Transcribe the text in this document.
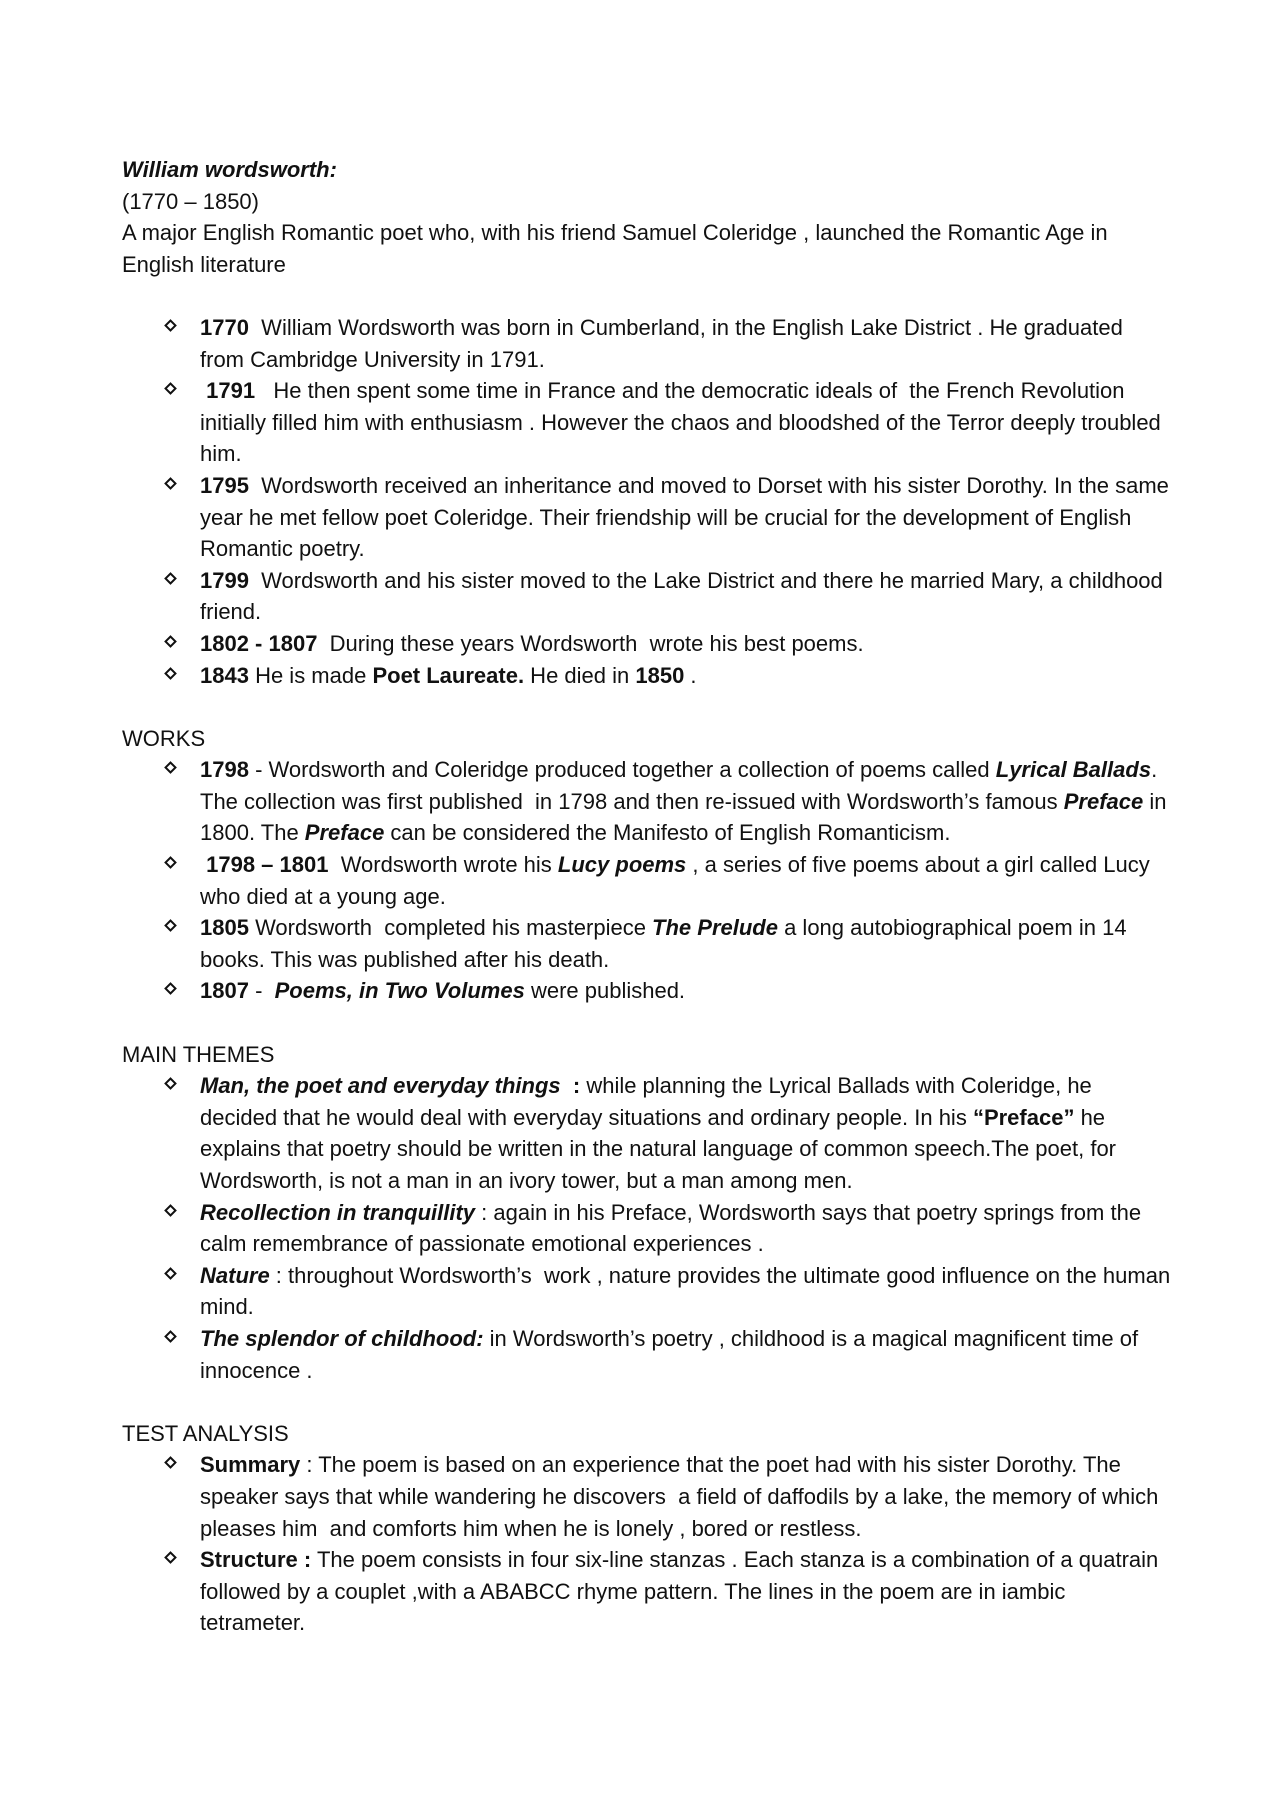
William wordsworth:

(1770 – 1850)

A major English Romantic poet who, with his friend Samuel Coleridge , launched the Romantic Age in English literature

1770  William Wordsworth was born in Cumberland, in the English Lake District . He graduated from Cambridge University in 1791.
1791   He then spent some time in France and the democratic ideals of  the French Revolution initially filled him with enthusiasm . However the chaos and bloodshed of the Terror deeply troubled him.
1795  Wordsworth received an inheritance and moved to Dorset with his sister Dorothy. In the same year he met fellow poet Coleridge. Their friendship will be crucial for the development of English Romantic poetry.
1799  Wordsworth and his sister moved to the Lake District and there he married Mary, a childhood friend.
1802 - 1807  During these years Wordsworth  wrote his best poems.
1843 He is made Poet Laureate. He died in 1850 .

WORKS

1798 - Wordsworth and Coleridge produced together a collection of poems called Lyrical Ballads. The collection was first published  in 1798 and then re-issued with Wordsworth’s famous Preface in 1800. The Preface can be considered the Manifesto of English Romanticism.
1798 – 1801  Wordsworth wrote his Lucy poems , a series of five poems about a girl called Lucy who died at a young age.
1805 Wordsworth  completed his masterpiece The Prelude a long autobiographical poem in 14 books. This was published after his death.
1807 -  Poems, in Two Volumes were published.

MAIN THEMES

Man, the poet and everyday things  : while planning the Lyrical Ballads with Coleridge, he decided that he would deal with everyday situations and ordinary people. In his “Preface” he explains that poetry should be written in the natural language of common speech.The poet, for Wordsworth, is not a man in an ivory tower, but a man among men.
Recollection in tranquillity : again in his Preface, Wordsworth says that poetry springs from the calm remembrance of passionate emotional experiences .
Nature : throughout Wordsworth’s  work , nature provides the ultimate good influence on the human mind.
The splendor of childhood: in Wordsworth’s poetry , childhood is a magical magnificent time of innocence .

TEST ANALYSIS

Summary : The poem is based on an experience that the poet had with his sister Dorothy. The speaker says that while wandering he discovers  a field of daffodils by a lake, the memory of which pleases him  and comforts him when he is lonely , bored or restless.
Structure : The poem consists in four six-line stanzas . Each stanza is a combination of a quatrain followed by a couplet ,with a ABABCC rhyme pattern. The lines in the poem are in iambic tetrameter.
